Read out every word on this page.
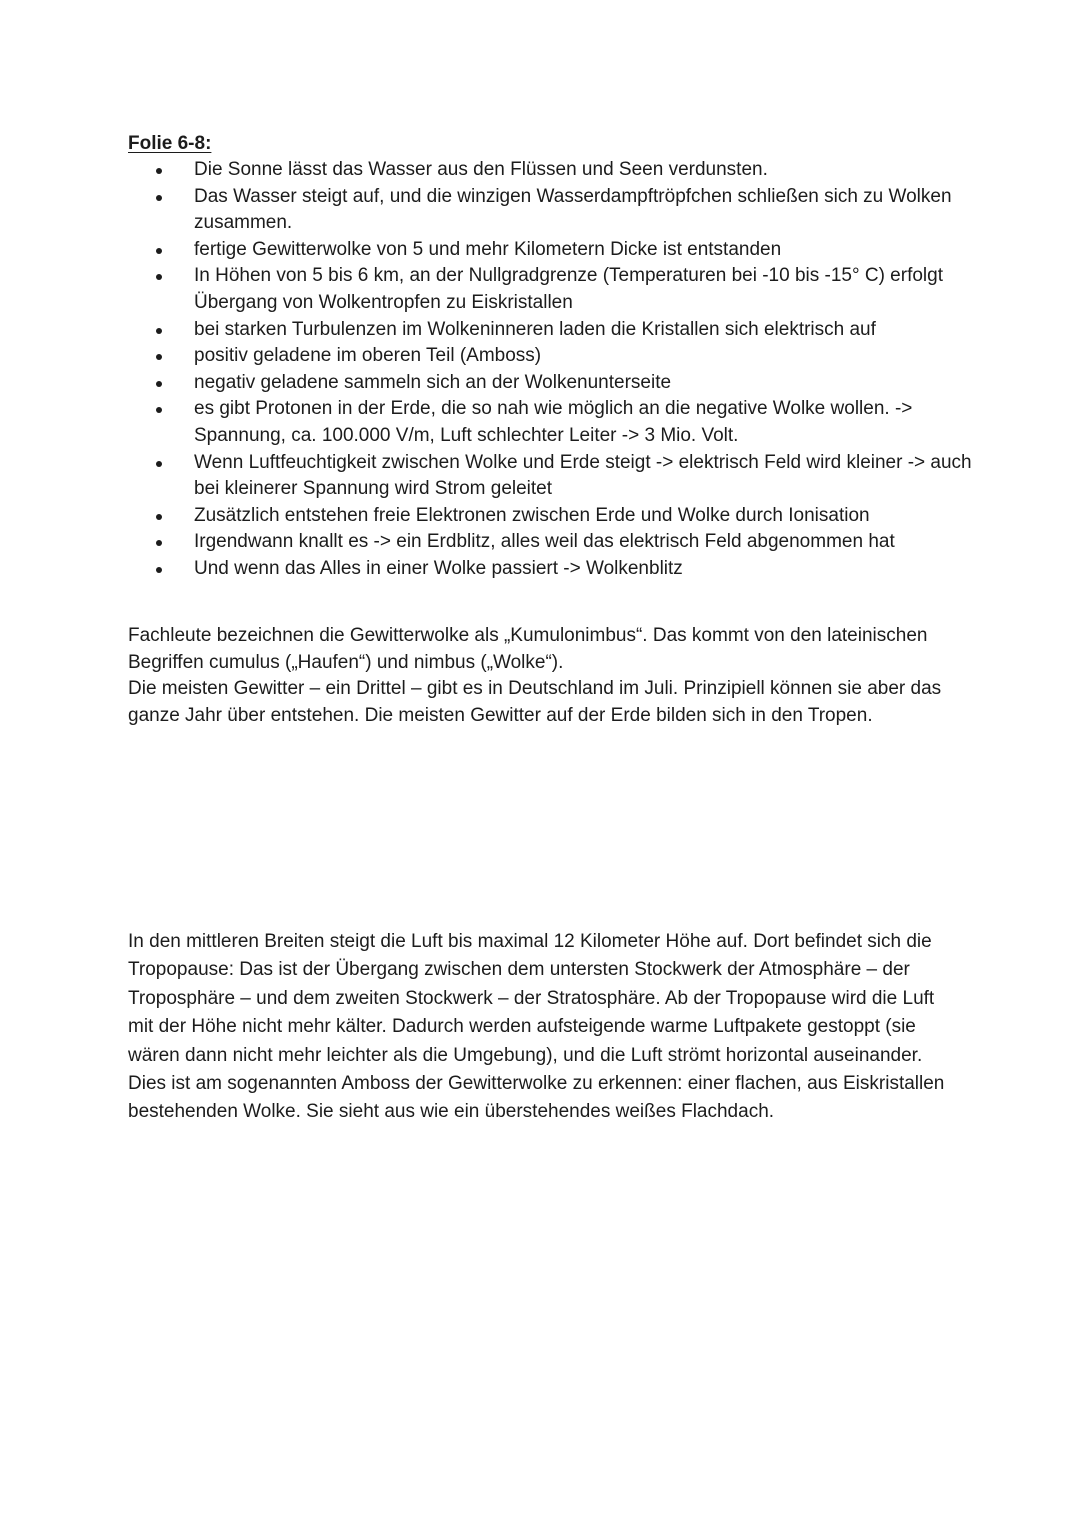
Folie 6-8:
Die Sonne lässt das Wasser aus den Flüssen und Seen verdunsten.
Das Wasser steigt auf, und die winzigen Wasserdampftröpfchen schließen sich zu Wolken zusammen.
fertige Gewitterwolke von 5 und mehr Kilometern Dicke ist entstanden
In Höhen von 5 bis 6 km, an der Nullgradgrenze (Temperaturen bei -10 bis -15° C) erfolgt Übergang von Wolkentropfen zu Eiskristallen
bei starken Turbulenzen im Wolkeninneren laden die Kristallen sich elektrisch auf
positiv geladene im oberen Teil (Amboss)
negativ geladene sammeln sich an der Wolkenunterseite
es gibt Protonen in der Erde, die so nah wie möglich an die negative Wolke wollen. -> Spannung, ca. 100.000 V/m, Luft schlechter Leiter -> 3 Mio. Volt.
Wenn Luftfeuchtigkeit zwischen Wolke und Erde steigt -> elektrisch Feld wird kleiner -> auch bei kleinerer Spannung wird Strom geleitet
Zusätzlich entstehen freie Elektronen zwischen Erde und Wolke durch Ionisation
Irgendwann knallt es -> ein Erdblitz, alles weil das elektrisch Feld abgenommen hat
Und wenn das Alles in einer Wolke passiert -> Wolkenblitz

Fachleute bezeichnen die Gewitterwolke als „Kumulonimbus“. Das kommt von den lateinischen Begriffen cumulus („Haufen“) und nimbus („Wolke“).

Die meisten Gewitter – ein Drittel – gibt es in Deutschland im Juli. Prinzipiell können sie aber das ganze Jahr über entstehen. Die meisten Gewitter auf der Erde bilden sich in den Tropen.

In den mittleren Breiten steigt die Luft bis maximal 12 Kilometer Höhe auf. Dort befindet sich die Tropopause: Das ist der Übergang zwischen dem untersten Stockwerk der Atmosphäre – der Troposphäre – und dem zweiten Stockwerk – der Stratosphäre. Ab der Tropopause wird die Luft mit der Höhe nicht mehr kälter. Dadurch werden aufsteigende warme Luftpakete gestoppt (sie wären dann nicht mehr leichter als die Umgebung), und die Luft strömt horizontal auseinander. Dies ist am sogenannten Amboss der Gewitterwolke zu erkennen: einer flachen, aus Eiskristallen bestehenden Wolke. Sie sieht aus wie ein überstehendes weißes Flachdach.
